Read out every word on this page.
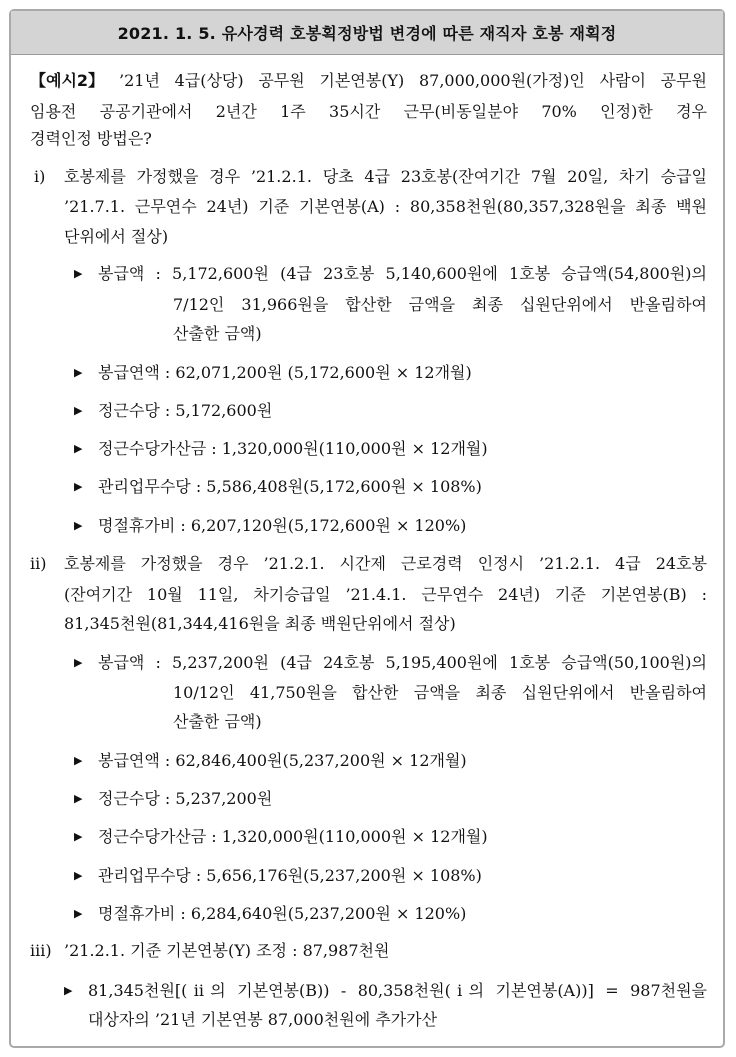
2021. 1. 5. 유사경력 호봉획정방법 변경에 따른 재직자 호봉 재획정
【예시2】 ’21년 4급(상당) 공무원 기본연봉(Y) 87,000,000원(가정)인 사람이 공무원
임용전 공공기관에서 2년간 1주 35시간 근무(비동일분야 70% 인정)한 경우
경력인정 방법은?
ⅰ) 호봉제를 가정했을 경우 ’21.2.1. 당초 4급 23호봉(잔여기간 7월 20일, 차기 승급일
’21.7.1. 근무연수 24년) 기준 기본연봉(A) : 80,358천원(80,357,328원을 최종 백원
단위에서 절상)
▶ 봉급액 : 5,172,600원 (4급 23호봉 5,140,600원에 1호봉 승급액(54,800원)의
7/12인 31,966원을 합산한 금액을 최종 십원단위에서 반올림하여
산출한 금액)
▶ 봉급연액 : 62,071,200원 (5,172,600원 × 12개월)
▶ 정근수당 : 5,172,600원
▶ 정근수당가산금 : 1,320,000원(110,000원 × 12개월)
▶ 관리업무수당 : 5,586,408원(5,172,600원 × 108%)
▶ 명절휴가비 : 6,207,120원(5,172,600원 × 120%)
ⅱ) 호봉제를 가정했을 경우 ’21.2.1. 시간제 근로경력 인정시 ’21.2.1. 4급 24호봉
(잔여기간 10월 11일, 차기승급일 ’21.4.1. 근무연수 24년) 기준 기본연봉(B) :
81,345천원(81,344,416원을 최종 백원단위에서 절상)
▶ 봉급액 : 5,237,200원 (4급 24호봉 5,195,400원에 1호봉 승급액(50,100원)의
10/12인 41,750원을 합산한 금액을 최종 십원단위에서 반올림하여
산출한 금액)
▶ 봉급연액 : 62,846,400원(5,237,200원 × 12개월)
▶ 정근수당 : 5,237,200원
▶ 정근수당가산금 : 1,320,000원(110,000원 × 12개월)
▶ 관리업무수당 : 5,656,176원(5,237,200원 × 108%)
▶ 명절휴가비 : 6,284,640원(5,237,200원 × 120%)
ⅲ) ’21.2.1. 기준 기본연봉(Y) 조정 : 87,987천원
▶ 81,345천원[(ⅱ의 기본연봉(B)) - 80,358천원(ⅰ의 기본연봉(A))] = 987천원을
대상자의 ’21년 기본연봉 87,000천원에 추가가산
